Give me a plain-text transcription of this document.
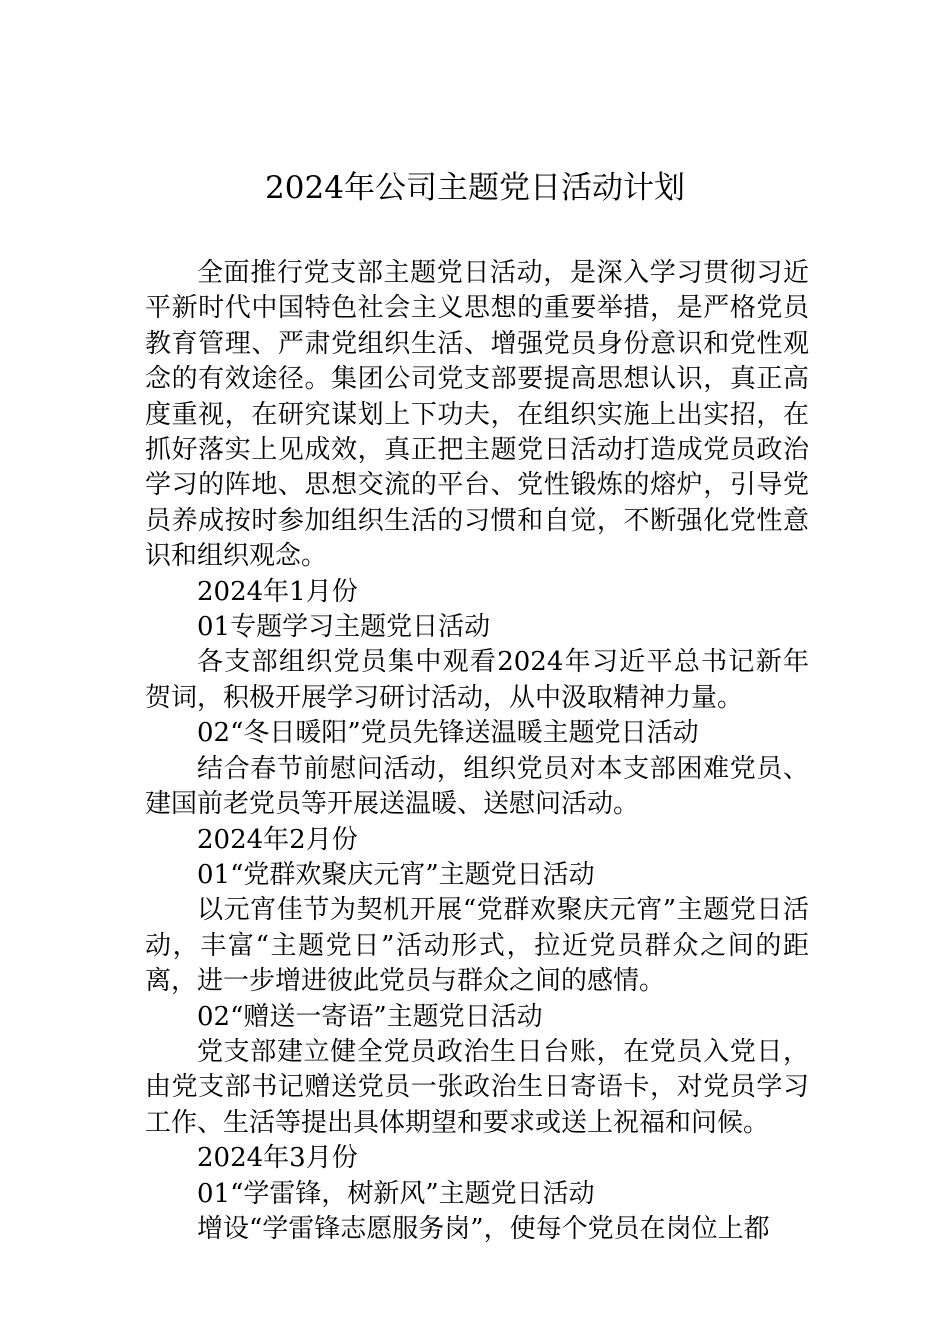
2024年公司主题党日活动计划

全面推行党支部主题党日活动，是深入学习贯彻习近平新时代中国特色社会主义思想的重要举措，是严格党员教育管理、严肃党组织生活、增强党员身份意识和党性观念的有效途径。集团公司党支部要提高思想认识，真正高度重视，在研究谋划上下功夫，在组织实施上出实招，在抓好落实上见成效，真正把主题党日活动打造成党员政治学习的阵地、思想交流的平台、党性锻炼的熔炉，引导党员养成按时参加组织生活的习惯和自觉，不断强化党性意识和组织观念。

2024年1月份

01专题学习主题党日活动

各支部组织党员集中观看2024年习近平总书记新年贺词，积极开展学习研讨活动，从中汲取精神力量。

02“冬日暖阳”党员先锋送温暖主题党日活动

结合春节前慰问活动，组织党员对本支部困难党员、建国前老党员等开展送温暖、送慰问活动。

2024年2月份

01“党群欢聚庆元宵”主题党日活动

以元宵佳节为契机开展“党群欢聚庆元宵”主题党日活动，丰富“主题党日”活动形式，拉近党员群众之间的距离，进一步增进彼此党员与群众之间的感情。

02“赠送一寄语”主题党日活动

党支部建立健全党员政治生日台账，在党员入党日，由党支部书记赠送党员一张政治生日寄语卡，对党员学习工作、生活等提出具体期望和要求或送上祝福和问候。

2024年3月份

01“学雷锋，树新风”主题党日活动

增设“学雷锋志愿服务岗”，使每个党员在岗位上都
